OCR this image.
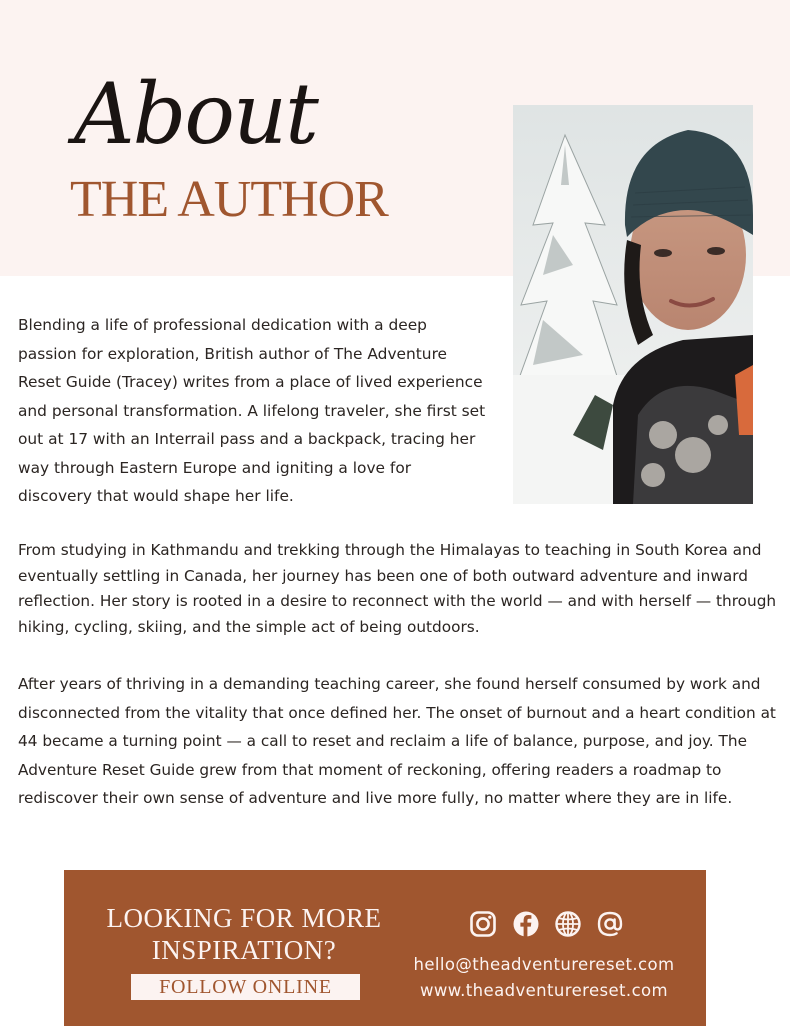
About
THE AUTHOR

Blending a life of professional dedication with a deep passion for exploration, British author of The Adventure Reset Guide (Tracey) writes from a place of lived experience and personal transformation. A lifelong traveler, she first set out at 17 with an Interrail pass and a backpack, tracing her way through Eastern Europe and igniting a love for discovery that would shape her life.

From studying in Kathmandu and trekking through the Himalayas to teaching in South Korea and eventually settling in Canada, her journey has been one of both outward adventure and inward reflection. Her story is rooted in a desire to reconnect with the world — and with herself — through hiking, cycling, skiing, and the simple act of being outdoors.

After years of thriving in a demanding teaching career, she found herself consumed by work and disconnected from the vitality that once defined her. The onset of burnout and a heart condition at 44 became a turning point — a call to reset and reclaim a life of balance, purpose, and joy. The Adventure Reset Guide grew from that moment of reckoning, offering readers a roadmap to rediscover their own sense of adventure and live more fully, no matter where they are in life.

LOOKING FOR MORE
INSPIRATION?
FOLLOW ONLINE
hello@theadventurereset.com
www.theadventurereset.com
